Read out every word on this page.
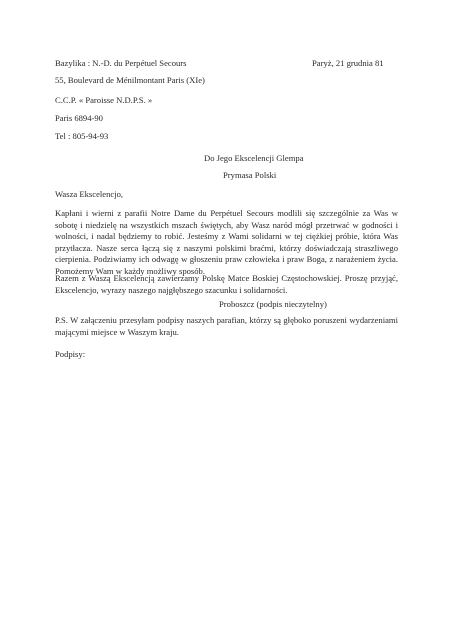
Bazylika : N.-D. du Perpétuel Secours	Paryż, 21 grudnia 81
55, Boulevard de Ménilmontant Paris (XIe)
C.C.P. « Paroisse N.D.P.S. »
Paris 6894-90
Tel : 805-94-93
Do Jego Ekscelencji Glempa
Prymasa Polski
Wasza Ekscelencjo,
Kapłani i wierni z parafii Notre Dame du Perpétuel Secours modlili się szczególnie za Was w sobotę i niedzielę na wszystkich mszach świętych, aby Wasz naród mógł przetrwać w godności i wolności, i nadal będziemy to robić. Jesteśmy z Wami solidarni w tej ciężkiej próbie, która Was przytłacza. Nasze serca łączą się z naszymi polskimi braćmi, którzy doświadczają straszliwego cierpienia. Podziwiamy ich odwagę w głoszeniu praw człowieka i praw Boga, z narażeniem życia. Pomożemy Wam w każdy możliwy sposób.
Razem z Waszą Ekscelencją zawierzamy Polskę Matce Boskiej Częstochowskiej. Proszę przyjąć, Ekscelencjo, wyrazy naszego najgłębszego szacunku i solidarności.
Proboszcz (podpis nieczytelny)
P.S. W załączeniu przesyłam podpisy naszych parafian, którzy są głęboko poruszeni wydarzeniami mającymi miejsce w Waszym kraju.
Podpisy:
